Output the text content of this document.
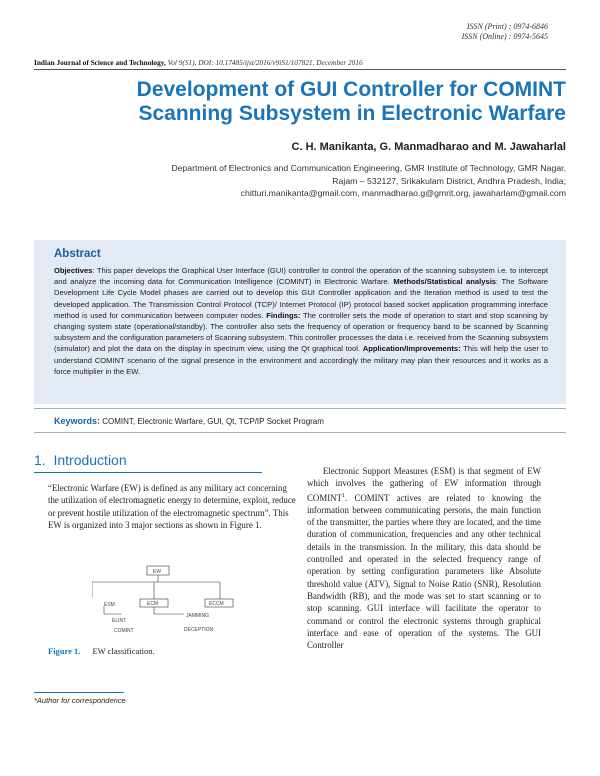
ISSN (Print) : 0974-6846
ISSN (Online) : 0974-5645
Indian Journal of Science and Technology, Vol 9(S1), DOI: 10.17485/ijst/2016/v9iS1/107821, December 2016
Development of GUI Controller for COMINT
Scanning Subsystem in Electronic Warfare
C. H. Manikanta, G. Manmadharao and M. Jawaharlal
Department of Electronics and Communication Engineering, GMR Institute of Technology, GMR Nagar,
Rajam – 532127, Srikakulam District, Andhra Pradesh, India;
chitturi.manikanta@gmail.com, manmadharao.g@gmrit.org, jawaharlam@gmail.com
Abstract
Objectives: This paper develops the Graphical User Interface (GUI) controller to control the operation of the scanning subsystem i.e. to intercept and analyze the incoming data for Communication Intelligence (COMINT) in Electronic Warfare. Methods/Statistical analysis: The Software Development Life Cycle Model phases are carried out to develop this GUI Controller application and the Iteration method is used to test the developed application. The Transmission Control Protocol (TCP)/ Internet Protocol (IP) protocol based socket application programming interface method is used for communication between computer nodes. Findings: The controller sets the mode of operation to start and stop scanning by changing system state (operational/standby). The controller also sets the frequency of operation or frequency band to be scanned by Scanning subsystem and the configuration parameters of Scanning subsystem. This controller processes the data i.e. received from the Scanning subsystem (simulator) and plot the data on the display in spectrum view, using the Qt graphical tool. Application/Improvements: This will help the user to understand COMINT scenario of the signal presence in the environment and accordingly the military may plan their resources and it works as a force multiplier in the EW.
Keywords: COMINT, Electronic Warfare, GUI, Qt, TCP/IP Socket Program
1. Introduction
“Electronic Warfare (EW) is defined as any military act concerning the utilization of electromagnetic energy to determine, exploit, reduce or prevent hostile utilization of the electromagnetic spectrum”. This EW is organized into 3 major sections as shown in Figure 1.
Electronic Support Measures (ESM) is that segment of EW which involves the gathering of EW information through COMINT$^1$. COMINT actives are related to knowing the information between communicating persons, the main function of the transmitter, the parties where they are located, and the time duration of communication, frequencies and any other technical details in the transmission. In the military, this data should be controlled and operated in the selected frequency range of operation by setting configuration parameters like Absolute threshold value (ATV), Signal to Noise Ratio (SNR), Resolution Bandwidth (RB), and the mode was set to start scanning or to stop scanning. GUI interface will facilitate the operator to command or control the electronic systems through graphical interface and ease of operation of the systems. The GUI Controller
EW
ESM	ECM	ECCM
ELINT
COMINT
JAMMING
DECEPTION
Figure 1. EW classification.
*Author for correspondence
